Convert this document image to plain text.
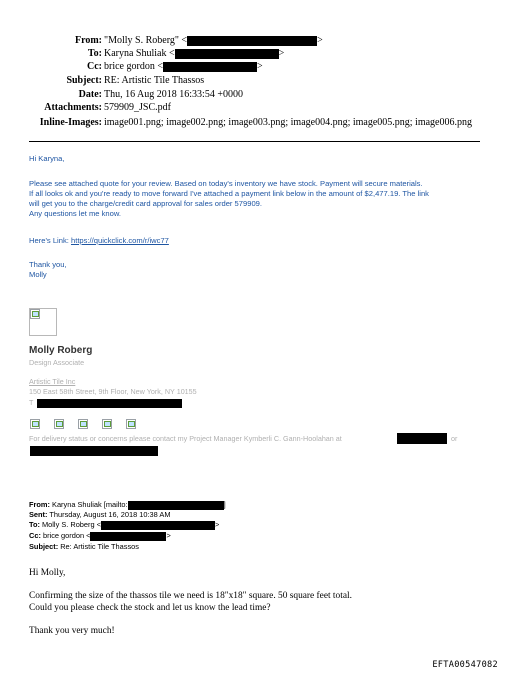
From: "Molly S. Roberg" <	>
To: Karyna Shuliak <	>
Cc: brice gordon <	>
Subject: RE: Artistic Tile Thassos
Date: Thu, 16 Aug 2018 16:33:54 +0000
Attachments: 579909_JSC.pdf
Inline-Images: image001.png; image002.png; image003.png; image004.png; image005.png; image006.png
Hi Karyna,
Please see attached quote for your review. Based on today's inventory we have stock. Payment will secure materials.
If all looks ok and you're ready to move forward I've attached a payment link below in the amount of $2,477.19. The link
will get you to the charge/credit card approval for sales order 579909.
Any questions let me know.
Here's Link: https://quickclick.com/r/iwc77
Thank you,
Molly
Molly Roberg
Design Associate
Artistic Tile Inc
150 East 58th Street, 9th Floor, New York, NY 10155
T
For delivery status or concerns please contact my Project Manager Kymberli C. Gann-Hoolahan at	or
From: Karyna Shuliak [mailto:	]
Sent: Thursday, August 16, 2018 10:38 AM
To: Molly S. Roberg <	>
Cc: brice gordon <	>
Subject: Re: Artistic Tile Thassos
Hi Molly,
Confirming the size of the thassos tile we need is 18"x18" square. 50 square feet total.
Could you please check the stock and let us know the lead time?
Thank you very much!
EFTA00547082
